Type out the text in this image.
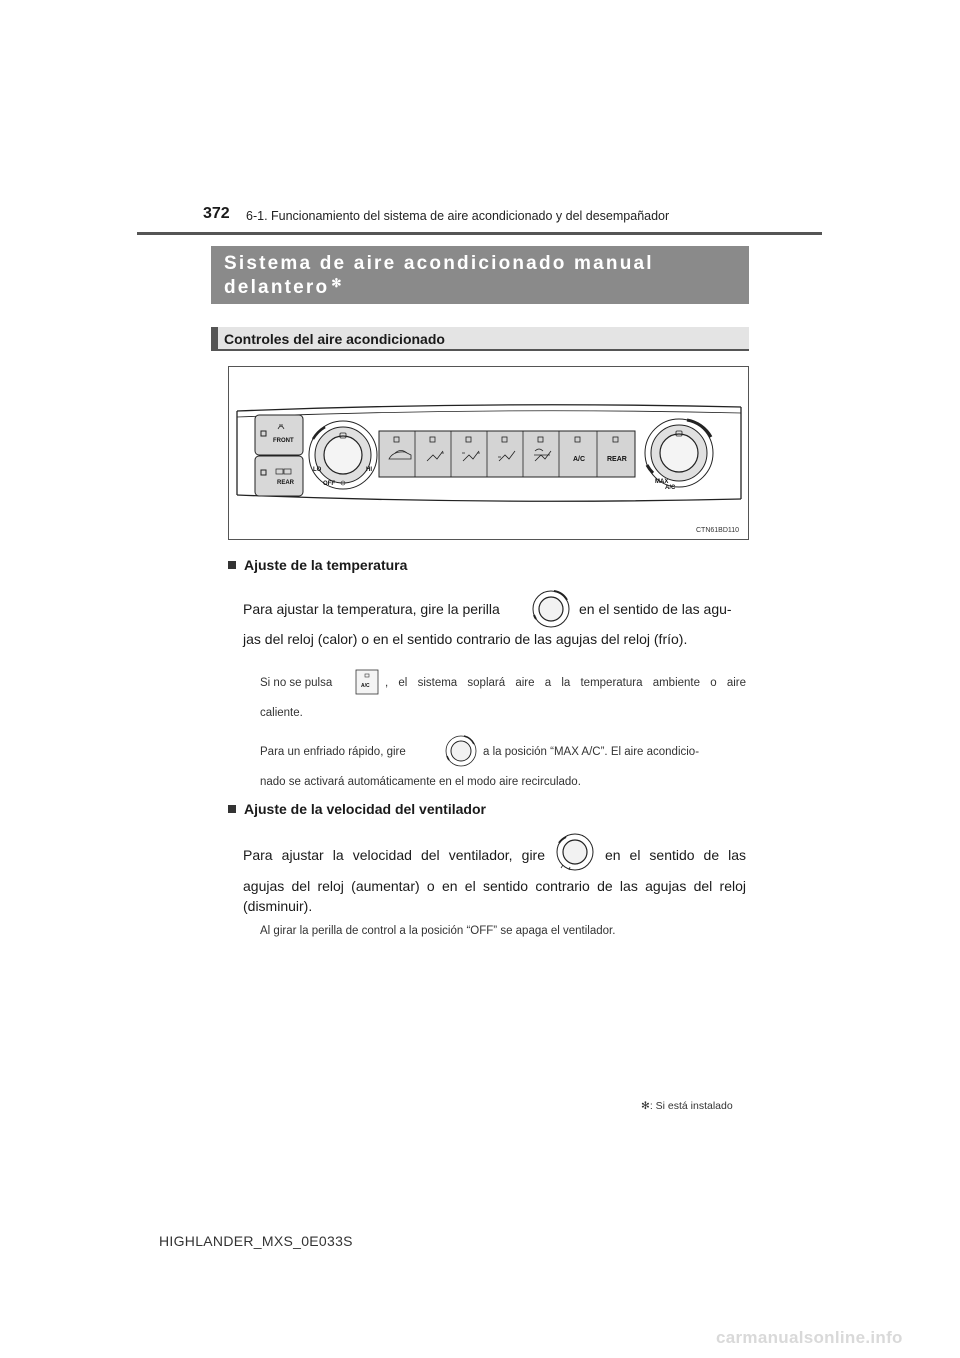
372 6-1. Funcionamiento del sistema de aire acondicionado y del desempañador
Sistema de aire acondicionado manual
delantero ✻
Controles del aire acondicionado
FRONT
REAR
LO	HI
OFF
A/C	REAR
MAX
A/C
CTN61BD110
Ajuste de la temperatura
Para ajustar la temperatura, gire la perilla	en el sentido de las agu-
jas del reloj (calor) o en el sentido contrario de las agujas del reloj (frío).
Si no se pulsa	A/C , el sistema soplará aire a la temperatura ambiente o aire
caliente.
Para un enfriado rápido, gire	a la posición “MAX A/C”. El aire acondicio-
nado se activará automáticamente en el modo aire recirculado.
Ajuste de la velocidad del ventilador
Para ajustar la velocidad del ventilador, gire	en el sentido de las
agujas del reloj (aumentar) o en el sentido contrario de las agujas del reloj
(disminuir).
Al girar la perilla de control a la posición “OFF” se apaga el ventilador.
✻: Si está instalado
HIGHLANDER_MXS_0E033S
carmanualsonline.info
